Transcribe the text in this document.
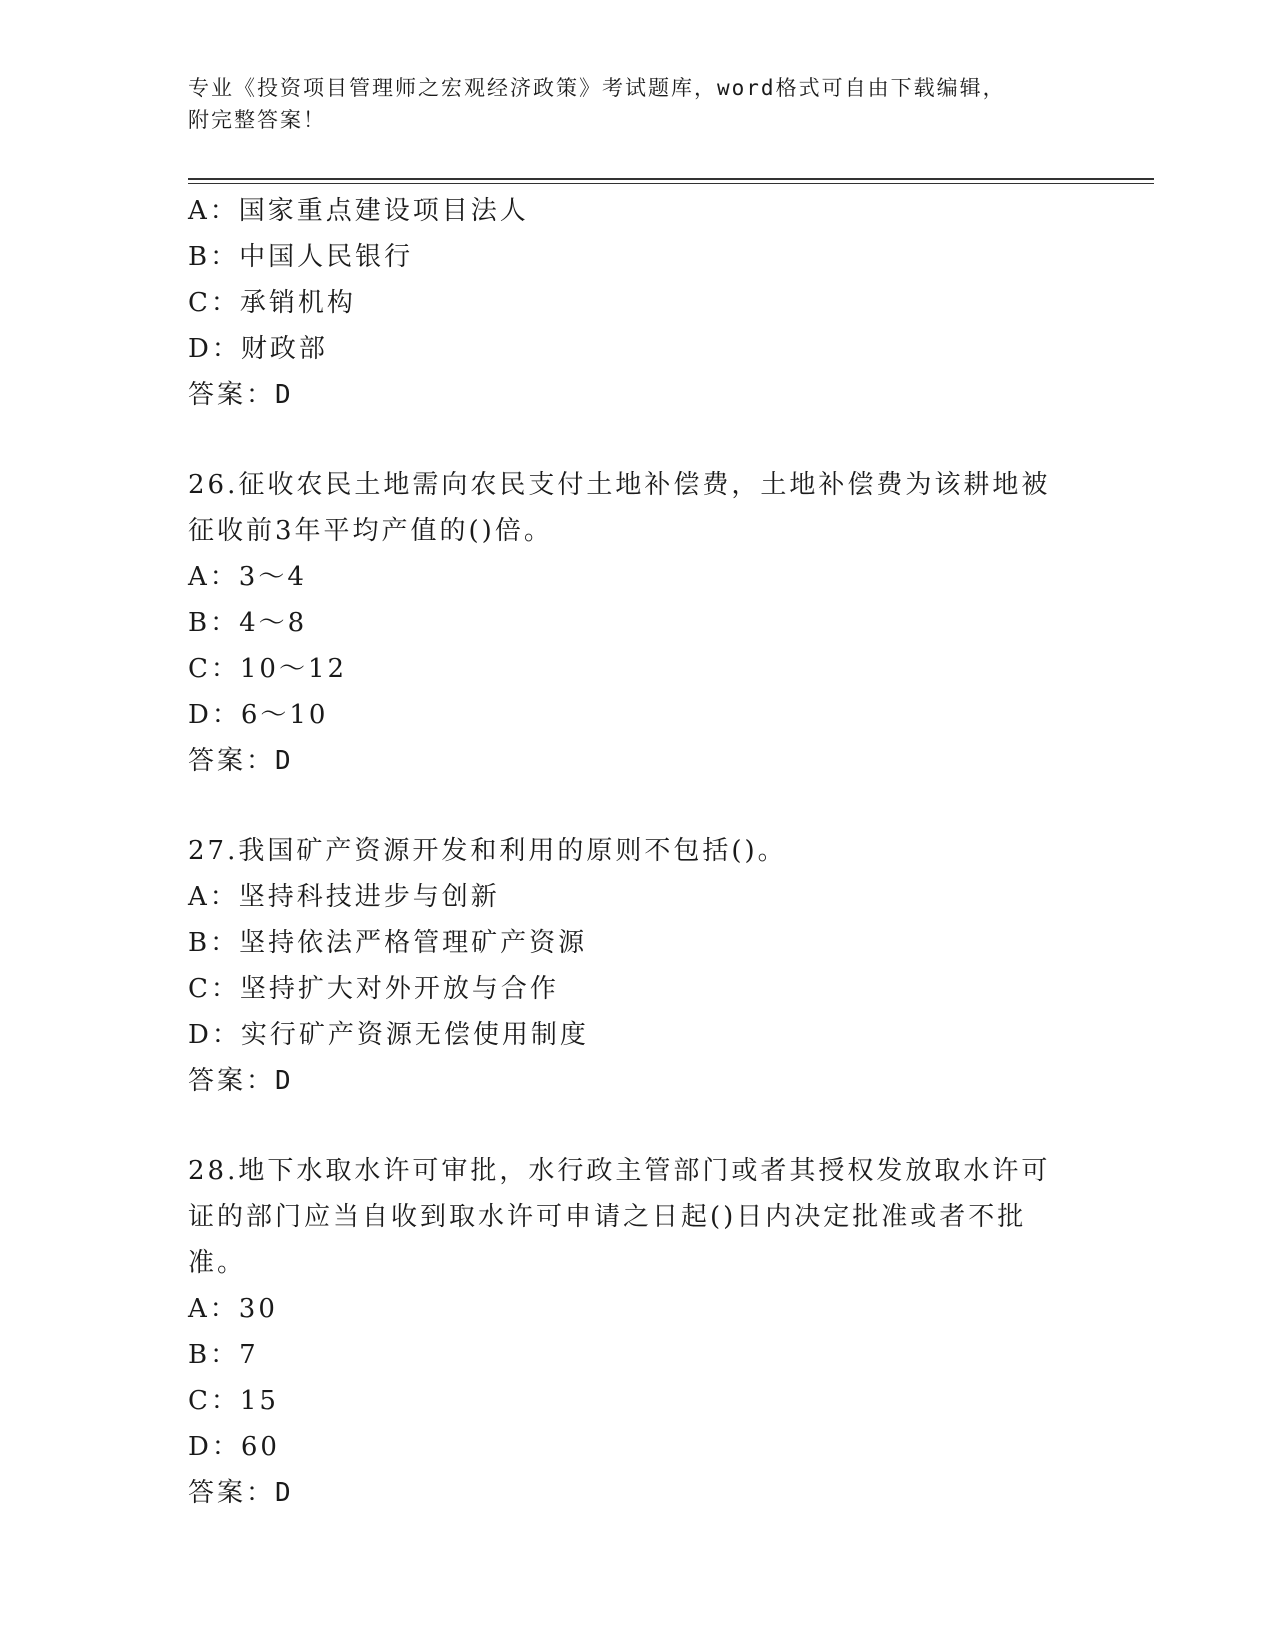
专业《投资项目管理师之宏观经济政策》考试题库，word格式可自由下载编辑，
附完整答案！
A：国家重点建设项目法人
B：中国人民银行
C：承销机构
D：财政部
答案：D
26.征收农民土地需向农民支付土地补偿费，土地补偿费为该耕地被征收前3年平均产值的()倍。
A：3～4
B：4～8
C：10～12
D：6～10
答案：D
27.我国矿产资源开发和利用的原则不包括()。
A：坚持科技进步与创新
B：坚持依法严格管理矿产资源
C：坚持扩大对外开放与合作
D：实行矿产资源无偿使用制度
答案：D
28.地下水取水许可审批，水行政主管部门或者其授权发放取水许可证的部门应当自收到取水许可申请之日起()日内决定批准或者不批准。
A：30
B：7
C：15
D：60
答案：D
